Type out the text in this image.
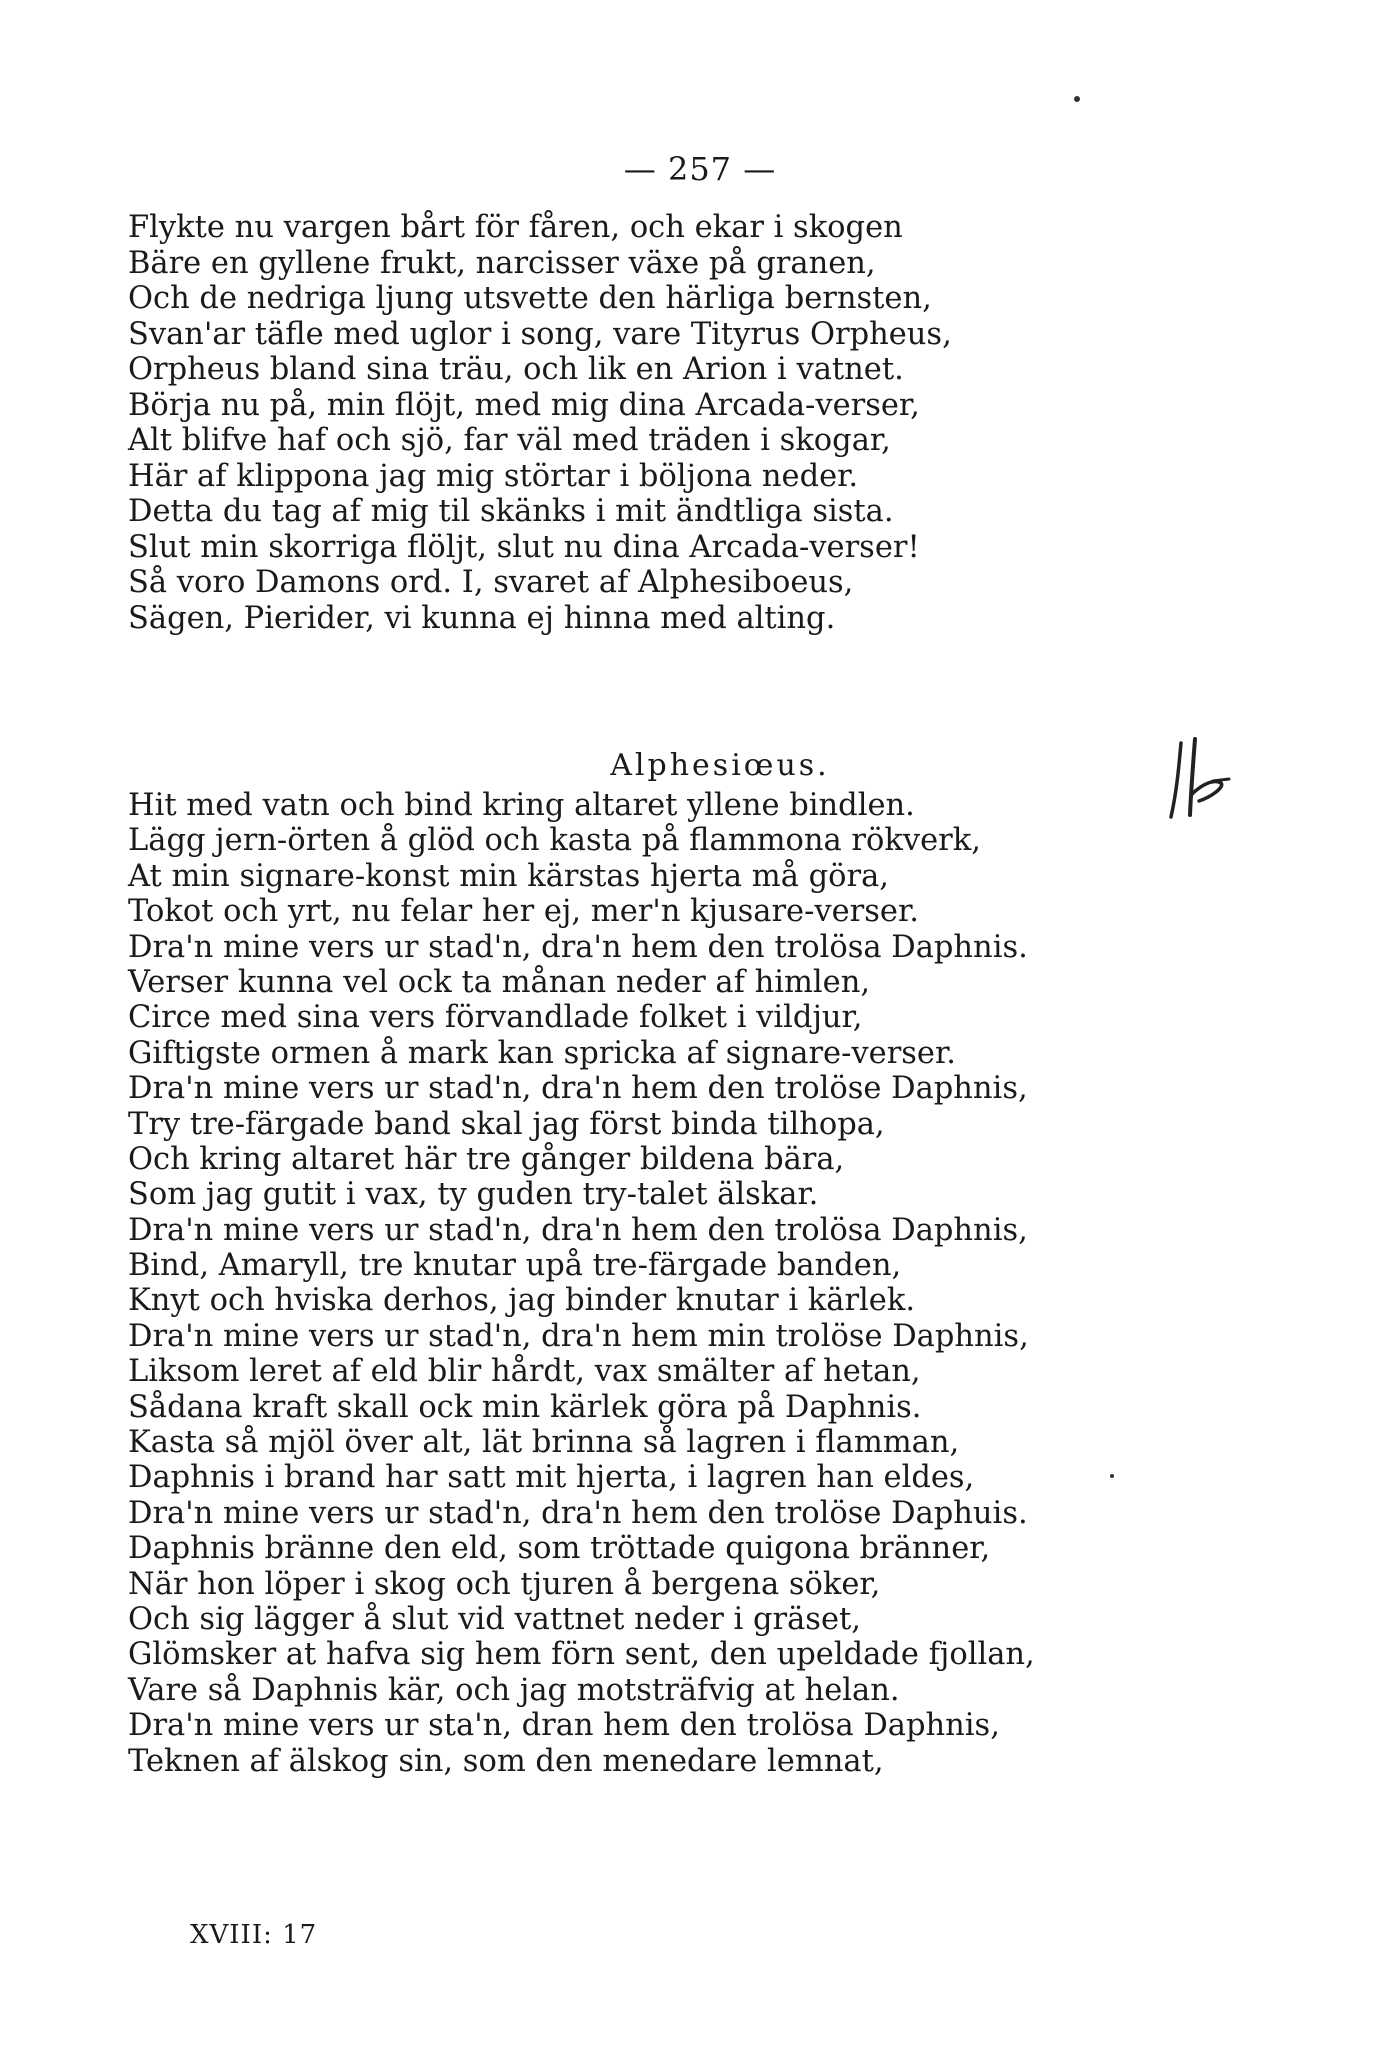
— 257 —
Flykte nu vargen bårt för fåren, och ekar i skogen
Bäre en gyllene frukt, narcisser växe på granen,
Och de nedriga ljung utsvette den härliga bernsten,
Svan'ar täfle med uglor i song, vare Tityrus Orpheus,
Orpheus bland sina träu, och lik en Arion i vatnet.
Börja nu på, min flöjt, med mig dina Arcada-verser,
Alt blifve haf och sjö, far väl med träden i skogar,
Här af klippona jag mig störtar i böljona neder.
Detta du tag af mig til skänks i mit ändtliga sista.
Slut min skorriga flöljt, slut nu dina Arcada-verser!
Så voro Damons ord. I, svaret af Alphesiboeus,
Sägen, Pierider, vi kunna ej hinna med alting.
Alphesiœus.
Hit med vatn och bind kring altaret yllene bindlen.
Lägg jern-örten å glöd och kasta på flammona rökverk,
At min signare-konst min kärstas hjerta må göra,
Tokot och yrt, nu felar her ej, mer'n kjusare-verser.
Dra'n mine vers ur stad'n, dra'n hem den trolösa Daphnis.
Verser kunna vel ock ta månan neder af himlen,
Circe med sina vers förvandlade folket i vildjur,
Giftigste ormen å mark kan spricka af signare-verser.
Dra'n mine vers ur stad'n, dra'n hem den trolöse Daphnis,
Try tre-färgade band skal jag först binda tilhopa,
Och kring altaret här tre gånger bildena bära,
Som jag gutit i vax, ty guden try-talet älskar.
Dra'n mine vers ur stad'n, dra'n hem den trolösa Daphnis,
Bind, Amaryll, tre knutar upå tre-färgade banden,
Knyt och hviska derhos, jag binder knutar i kärlek.
Dra'n mine vers ur stad'n, dra'n hem min trolöse Daphnis,
Liksom leret af eld blir hårdt, vax smälter af hetan,
Sådana kraft skall ock min kärlek göra på Daphnis.
Kasta så mjöl över alt, lät brinna så lagren i flamman,
Daphnis i brand har satt mit hjerta, i lagren han eldes,
Dra'n mine vers ur stad'n, dra'n hem den trolöse Daphuis.
Daphnis bränne den eld, som tröttade quigona bränner,
När hon löper i skog och tjuren å bergena söker,
Och sig lägger å slut vid vattnet neder i gräset,
Glömsker at hafva sig hem förn sent, den upeldade fjollan,
Vare så Daphnis kär, och jag motsträfvig at helan.
Dra'n mine vers ur sta'n, dran hem den trolösa Daphnis,
Teknen af älskog sin, som den menedare lemnat,
XVIII: 17
